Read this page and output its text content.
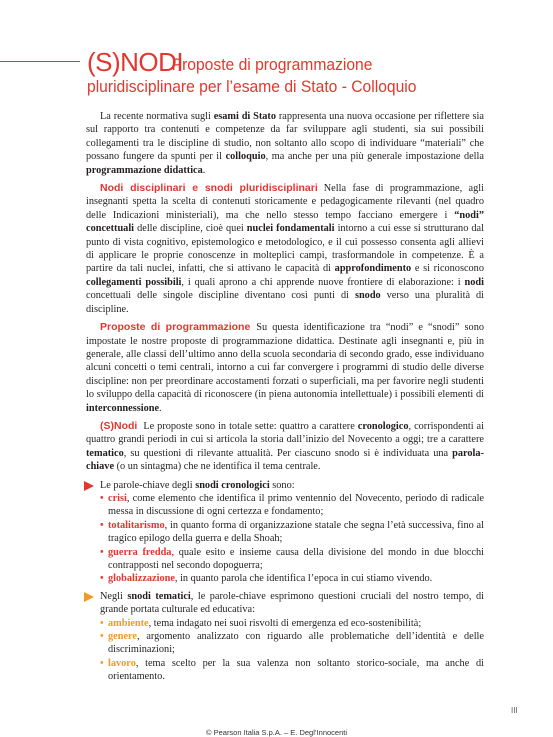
(S)NODI
Proposte di programmazione
pluridisciplinare per l’esame di Stato - Colloquio

La recente normativa sugli esami di Stato rappresenta una nuova occasione per riflettere sia sul rapporto tra contenuti e competenze da far sviluppare agli studenti, sia sui possibili collegamenti tra le discipline di studio, non soltanto allo scopo di individuare “materiali” che possano fungere da spunti per il colloquio, ma anche per una più generale impostazione della programmazione didattica.

Nodi disciplinari e snodi pluridisciplinari Nella fase di programmazione, agli insegnanti spetta la scelta di contenuti storicamente e pedagogicamente rilevanti (nel quadro delle Indicazioni ministeriali), ma che nello stesso tempo facciano emergere i “nodi” concettuali delle discipline, cioè quei nuclei fondamentali intorno a cui esse si strutturano dal punto di vista cognitivo, epistemologico e metodologico, e il cui possesso consenta agli allievi di applicare le proprie conoscenze in molteplici campi, trasformandole in competenze. È a partire da tali nuclei, infatti, che si attivano le capacità di approfondimento e si riconoscono collegamenti possibili, i quali aprono a chi apprende nuove frontiere di elaborazione: i nodi concettuali delle singole discipline diventano così punti di snodo verso una pluralità di discipline.

Proposte di programmazione Su questa identificazione tra “nodi” e “snodi” sono impostate le nostre proposte di programmazione didattica. Destinate agli insegnanti e, più in generale, alle classi dell’ultimo anno della scuola secondaria di secondo grado, esse individuano alcuni concetti o temi centrali, intorno a cui far convergere i programmi di studio delle diverse discipline: non per preordinare accostamenti forzati o superficiali, ma per favorire negli studenti lo sviluppo della capacità di riconoscere (in piena autonomia intellettuale) i possibili elementi di interconnessione.

(S)Nodi Le proposte sono in totale sette: quattro a carattere cronologico, corrispondenti ai quattro grandi periodi in cui si articola la storia dall’inizio del Novecento a oggi; tre a carattere tematico, su questioni di rilevante attualità. Per ciascuno snodo si è individuata una parola-chiave (o un sintagma) che ne identifica il tema centrale.

Le parole-chiave degli snodi cronologici sono:
• crisi, come elemento che identifica il primo ventennio del Novecento, periodo di radicale messa in discussione di ogni certezza e fondamento;
• totalitarismo, in quanto forma di organizzazione statale che segna l’età successiva, fino al tragico epilogo della guerra e della Shoah;
• guerra fredda, quale esito e insieme causa della divisione del mondo in due blocchi contrapposti nel secondo dopoguerra;
• globalizzazione, in quanto parola che identifica l’epoca in cui stiamo vivendo.
Negli snodi tematici, le parole-chiave esprimono questioni cruciali del nostro tempo, di grande portata culturale ed educativa:
• ambiente, tema indagato nei suoi risvolti di emergenza ed eco-sostenibilità;
• genere, argomento analizzato con riguardo alle problematiche dell’identità e delle discriminazioni;
• lavoro, tema scelto per la sua valenza non soltanto storico-sociale, ma anche di orientamento.
III
© Pearson Italia S.p.A. – E. Degl’Innocenti
